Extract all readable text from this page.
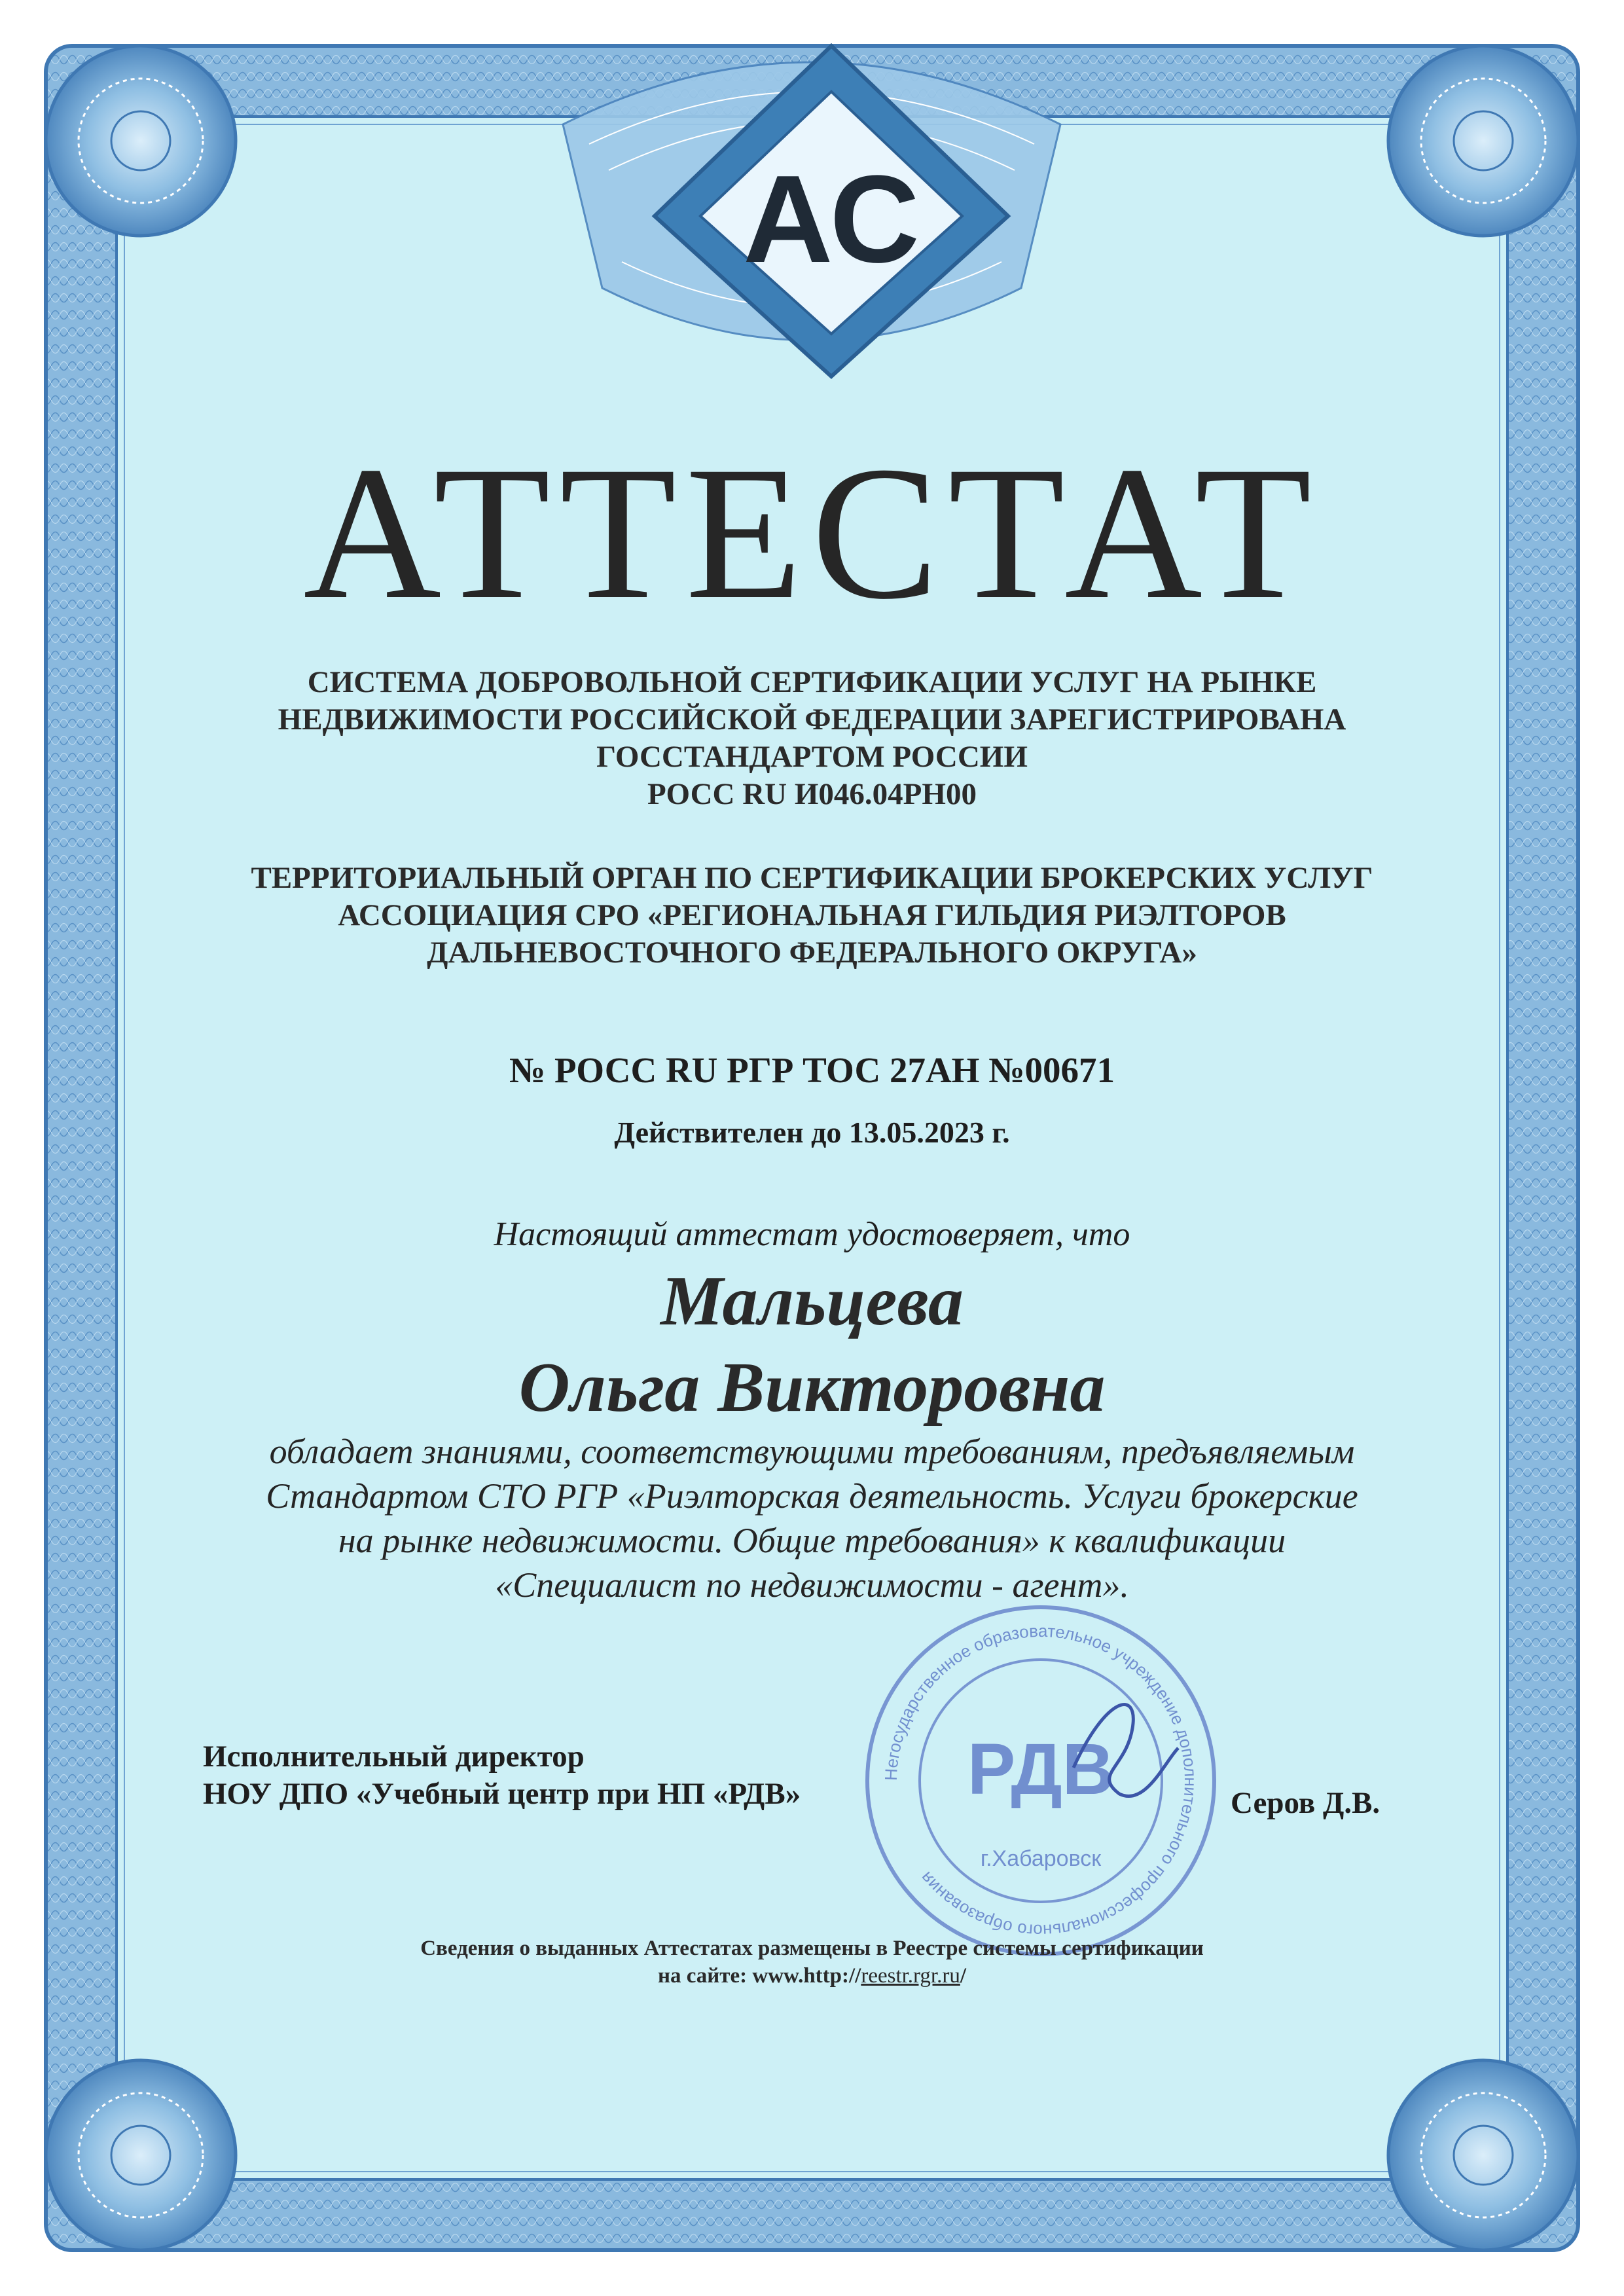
АС
АТТЕСТАТ
СИСТЕМА ДОБРОВОЛЬНОЙ СЕРТИФИКАЦИИ УСЛУГ НА РЫНКЕ
НЕДВИЖИМОСТИ РОССИЙСКОЙ ФЕДЕРАЦИИ ЗАРЕГИСТРИРОВАНА
ГОССТАНДАРТОМ РОССИИ
РОСС RU И046.04РН00
ТЕРРИТОРИАЛЬНЫЙ ОРГАН ПО СЕРТИФИКАЦИИ БРОКЕРСКИХ УСЛУГ
АССОЦИАЦИЯ СРО «РЕГИОНАЛЬНАЯ ГИЛЬДИЯ РИЭЛТОРОВ
ДАЛЬНЕВОСТОЧНОГО ФЕДЕРАЛЬНОГО ОКРУГА»
№ РОСС RU РГР ТОС 27АН №00671
Действителен до 13.05.2023 г.
Настоящий аттестат удостоверяет, что
Мальцева
Ольга Викторовна
обладает знаниями, соответствующими требованиям, предъявляемым
Стандартом СТО РГР «Риэлторская деятельность. Услуги брокерские
на рынке недвижимости. Общие требования» к квалификации
«Специалист по недвижимости - агент».
Негосударственное образовательное учреждение дополнительного профессионального образования
РДВ
г.Хабаровск
Исполнительный директор
НОУ ДПО «Учебный центр при НП «РДВ»	Серов Д.В.
Сведения о выданных Аттестатах размещены в Реестре системы сертификации
на сайте: www.http://reestr.rgr.ru/
